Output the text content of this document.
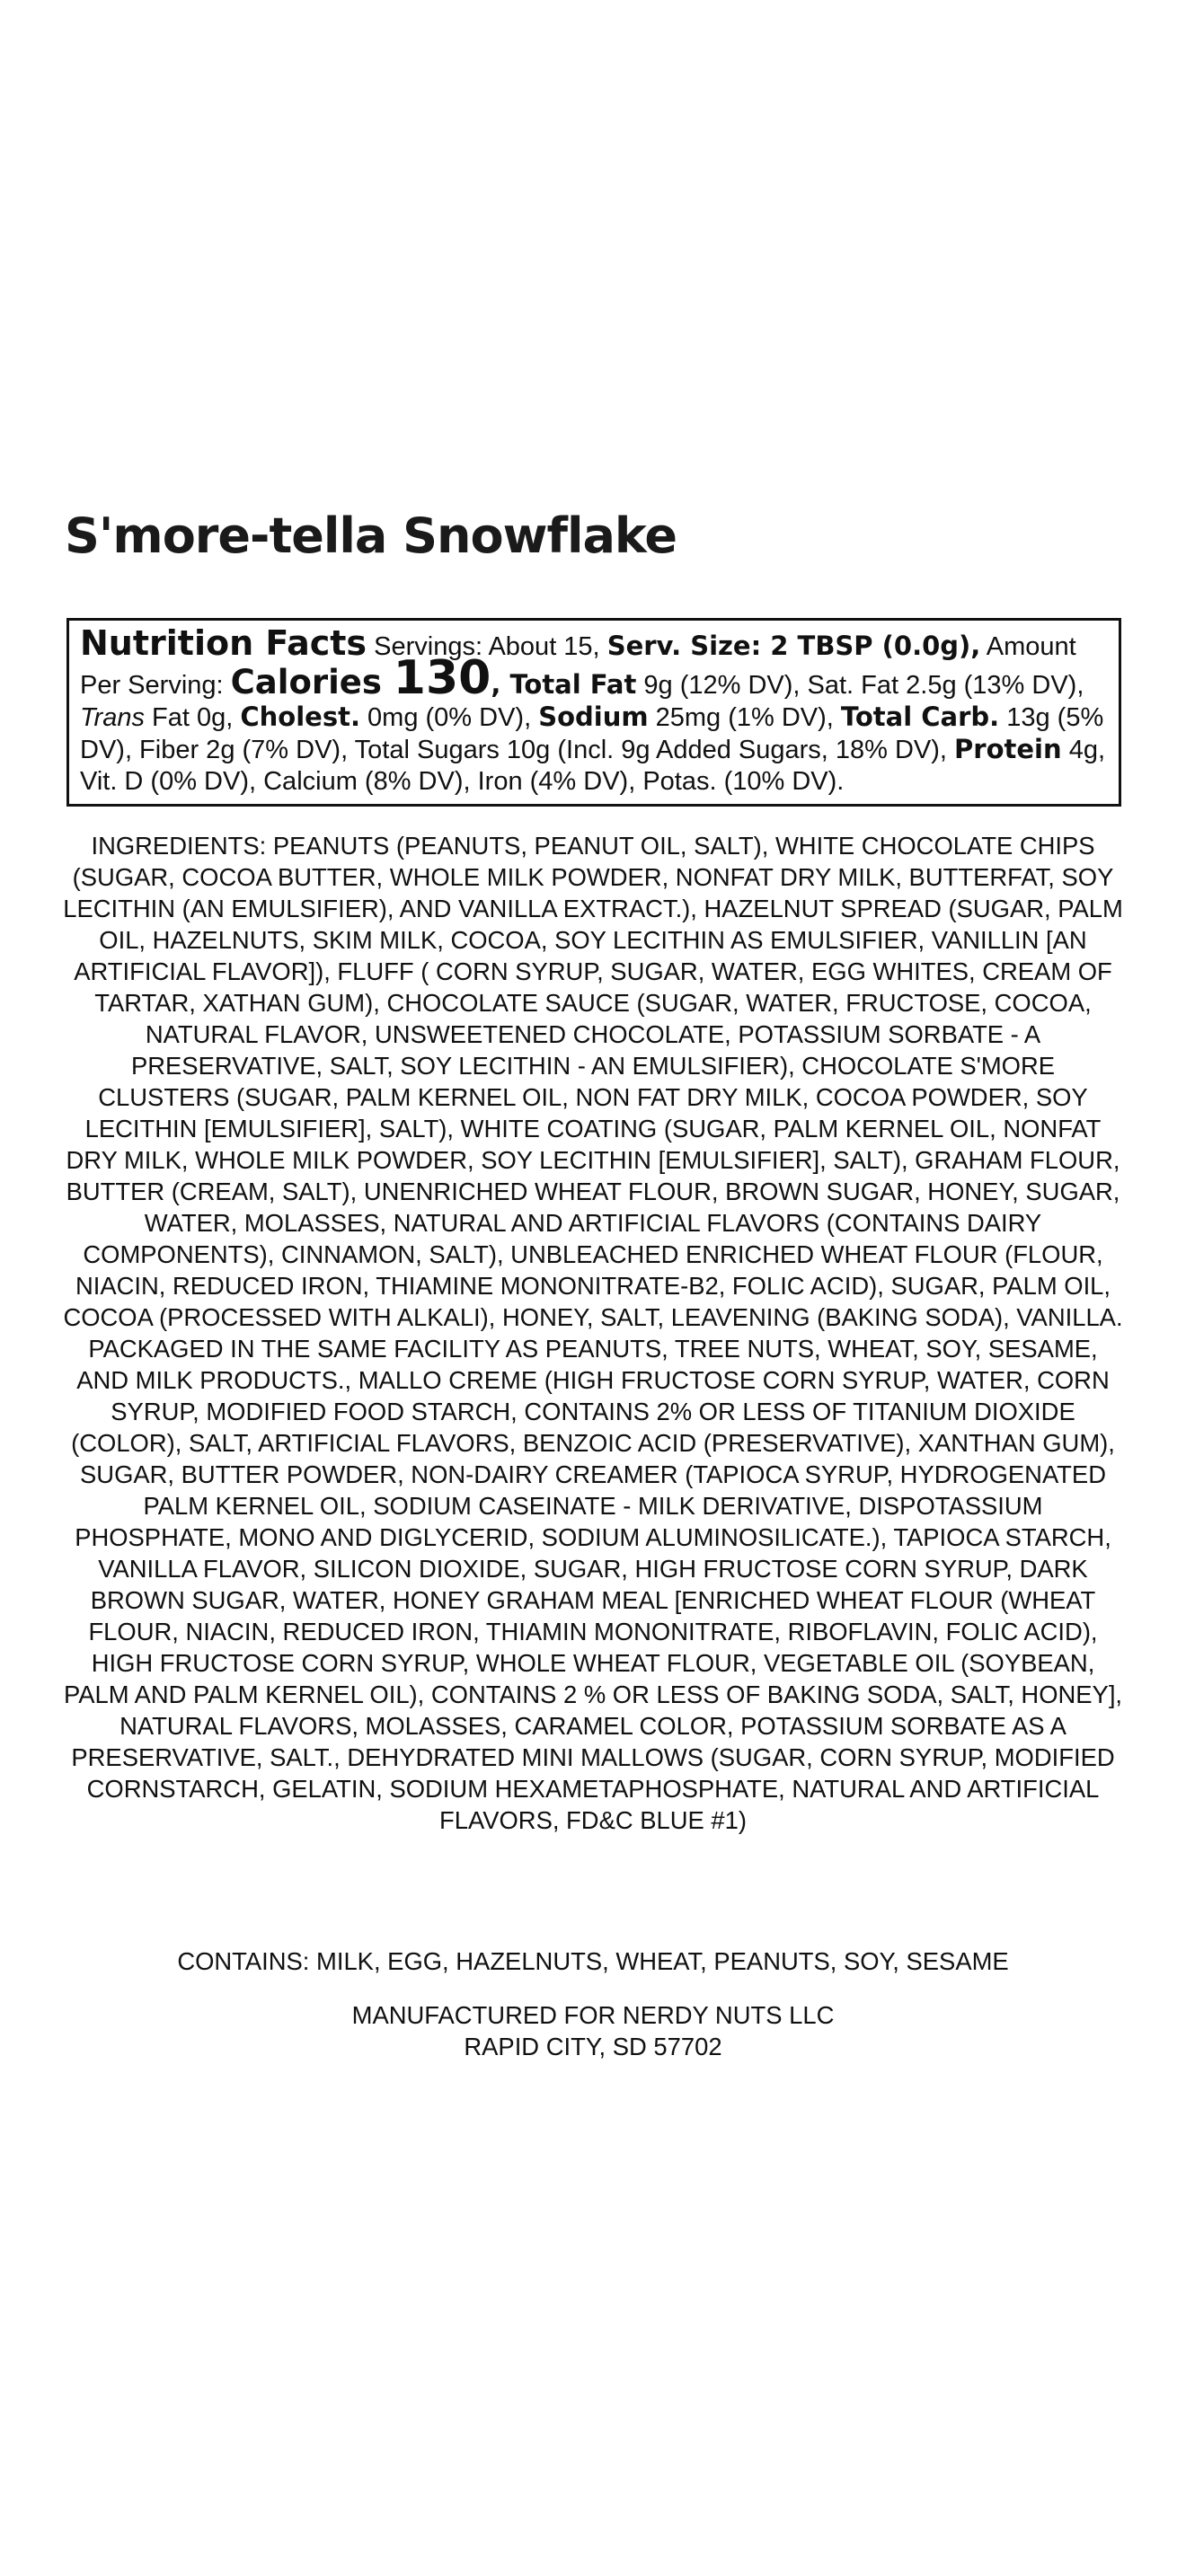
S'more-tella Snowflake

Nutrition Facts Servings: About 15, Serv. Size: 2 TBSP (0.0g), Amount Per Serving: Calories 130, Total Fat 9g (12% DV), Sat. Fat 2.5g (13% DV), Trans Fat 0g, Cholest. 0mg (0% DV), Sodium 25mg (1% DV), Total Carb. 13g (5% DV), Fiber 2g (7% DV), Total Sugars 10g (Incl. 9g Added Sugars, 18% DV), Protein 4g, Vit. D (0% DV), Calcium (8% DV), Iron (4% DV), Potas. (10% DV).

INGREDIENTS: PEANUTS (PEANUTS, PEANUT OIL, SALT), WHITE CHOCOLATE CHIPS (SUGAR, COCOA BUTTER, WHOLE MILK POWDER, NONFAT DRY MILK, BUTTERFAT, SOY LECITHIN (AN EMULSIFIER), AND VANILLA EXTRACT.), HAZELNUT SPREAD (SUGAR, PALM OIL, HAZELNUTS, SKIM MILK, COCOA, SOY LECITHIN AS EMULSIFIER, VANILLIN [AN ARTIFICIAL FLAVOR]), FLUFF ( CORN SYRUP, SUGAR, WATER, EGG WHITES, CREAM OF TARTAR, XATHAN GUM), CHOCOLATE SAUCE (SUGAR, WATER, FRUCTOSE, COCOA, NATURAL FLAVOR, UNSWEETENED CHOCOLATE, POTASSIUM SORBATE - A PRESERVATIVE, SALT, SOY LECITHIN - AN EMULSIFIER), CHOCOLATE S'MORE CLUSTERS (SUGAR, PALM KERNEL OIL, NON FAT DRY MILK, COCOA POWDER, SOY LECITHIN [EMULSIFIER], SALT), WHITE COATING (SUGAR, PALM KERNEL OIL, NONFAT DRY MILK, WHOLE MILK POWDER, SOY LECITHIN [EMULSIFIER], SALT), GRAHAM FLOUR, BUTTER (CREAM, SALT), UNENRICHED WHEAT FLOUR, BROWN SUGAR, HONEY, SUGAR, WATER, MOLASSES, NATURAL AND ARTIFICIAL FLAVORS (CONTAINS DAIRY COMPONENTS), CINNAMON, SALT), UNBLEACHED ENRICHED WHEAT FLOUR (FLOUR, NIACIN, REDUCED IRON, THIAMINE MONONITRATE-B2, FOLIC ACID), SUGAR, PALM OIL, COCOA (PROCESSED WITH ALKALI), HONEY, SALT, LEAVENING (BAKING SODA), VANILLA. PACKAGED IN THE SAME FACILITY AS PEANUTS, TREE NUTS, WHEAT, SOY, SESAME, AND MILK PRODUCTS., MALLO CREME (HIGH FRUCTOSE CORN SYRUP, WATER, CORN SYRUP, MODIFIED FOOD STARCH, CONTAINS 2% OR LESS OF TITANIUM DIOXIDE (COLOR), SALT, ARTIFICIAL FLAVORS, BENZOIC ACID (PRESERVATIVE), XANTHAN GUM), SUGAR, BUTTER POWDER, NON-DAIRY CREAMER (TAPIOCA SYRUP, HYDROGENATED PALM KERNEL OIL, SODIUM CASEINATE - MILK DERIVATIVE, DISPOTASSIUM PHOSPHATE, MONO AND DIGLYCERID, SODIUM ALUMINOSILICATE.), TAPIOCA STARCH, VANILLA FLAVOR, SILICON DIOXIDE, SUGAR, HIGH FRUCTOSE CORN SYRUP, DARK BROWN SUGAR, WATER, HONEY GRAHAM MEAL [ENRICHED WHEAT FLOUR (WHEAT FLOUR, NIACIN, REDUCED IRON, THIAMIN MONONITRATE, RIBOFLAVIN, FOLIC ACID), HIGH FRUCTOSE CORN SYRUP, WHOLE WHEAT FLOUR, VEGETABLE OIL (SOYBEAN, PALM AND PALM KERNEL OIL), CONTAINS 2 % OR LESS OF BAKING SODA, SALT, HONEY], NATURAL FLAVORS, MOLASSES, CARAMEL COLOR, POTASSIUM SORBATE AS A PRESERVATIVE, SALT., DEHYDRATED MINI MALLOWS (SUGAR, CORN SYRUP, MODIFIED CORNSTARCH, GELATIN, SODIUM HEXAMETAPHOSPHATE, NATURAL AND ARTIFICIAL FLAVORS, FD&C BLUE #1)

CONTAINS: MILK, EGG, HAZELNUTS, WHEAT, PEANUTS, SOY, SESAME

MANUFACTURED FOR NERDY NUTS LLC
RAPID CITY, SD 57702
